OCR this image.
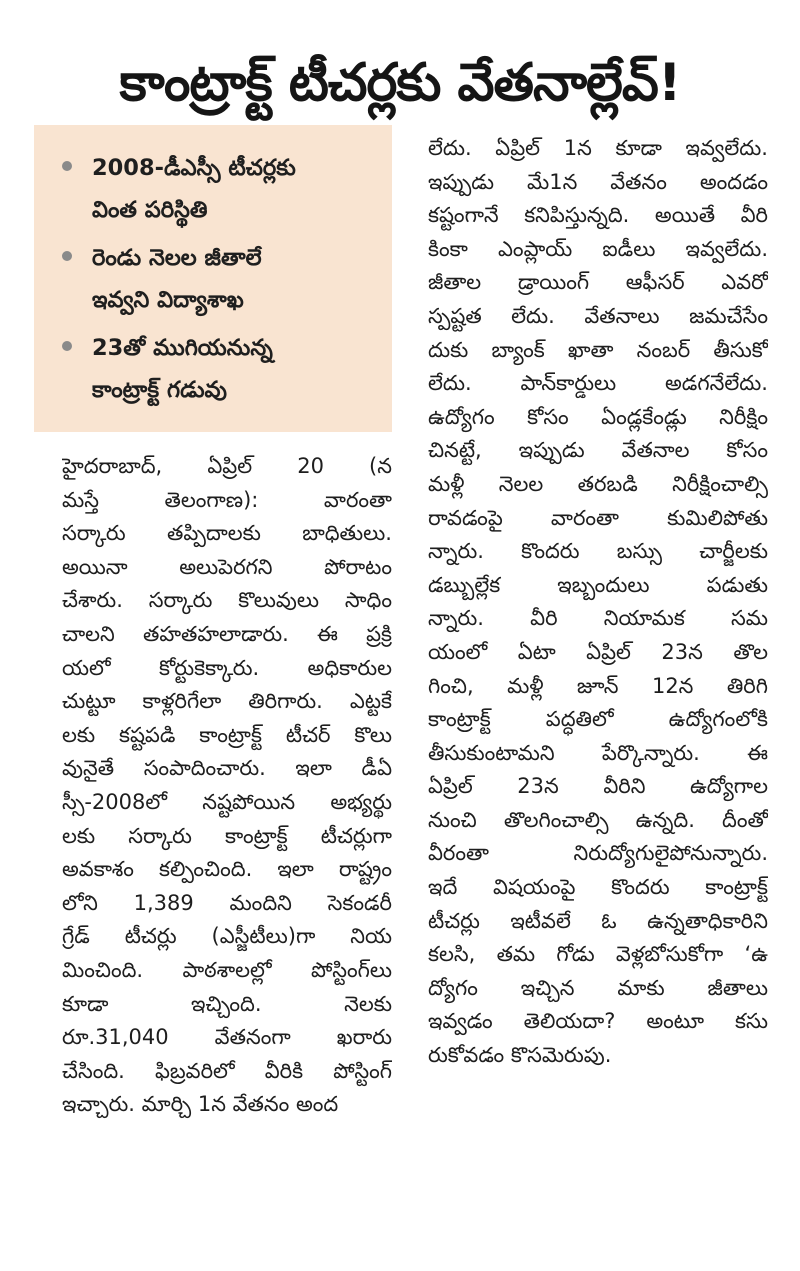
కాంట్రాక్ట్ టీచర్లకు వేతనాల్లేవ్!
2008-డీఎస్సీ టీచర్లకు
వింత పరిస్థితి
రెండు నెలల జీతాలే
ఇవ్వని విద్యాశాఖ
23తో ముగియనున్న
కాంట్రాక్ట్ గడువు
హైదరాబాద్, ఏప్రిల్ 20 (న
మస్తే తెలంగాణ): వారంతా
సర్కారు తప్పిదాలకు బాధితులు.
అయినా అలుపెరగని పోరాటం
చేశారు. సర్కారు కొలువులు సాధిం
చాలని తహతహలాడారు. ఈ ప్రక్రి
యలో కోర్టుకెక్కారు. అధికారుల
చుట్టూ కాళ్లరిగేలా తిరిగారు. ఎట్టకే
లకు కష్టపడి కాంట్రాక్ట్ టీచర్ కొలు
వునైతే సంపాదించారు. ఇలా డీఏ
స్సీ-2008లో నష్టపోయిన అభ్యర్థు
లకు సర్కారు కాంట్రాక్ట్ టీచర్లుగా
అవకాశం కల్పించింది. ఇలా రాష్ట్రం
లోని 1,389 మందిని సెకండరీ
గ్రేడ్ టీచర్లు (ఎస్జీటీలు)గా నియ
మించింది. పాఠశాలల్లో పోస్టింగ్‌లు
కూడా ఇచ్చింది. నెలకు
రూ.31,040 వేతనంగా ఖరారు
చేసింది. ఫిబ్రవరిలో వీరికి పోస్టింగ్
ఇచ్చారు. మార్చి 1న వేతనం అంద
లేదు. ఏప్రిల్ 1న కూడా ఇవ్వలేదు.
ఇప్పుడు మే1న వేతనం అందడం
కష్టంగానే కనిపిస్తున్నది. అయితే వీరి
కింకా ఎంప్లాయ్ ఐడీలు ఇవ్వలేదు.
జీతాల డ్రాయింగ్ ఆఫీసర్ ఎవరో
స్పష్టత లేదు. వేతనాలు జమచేసేం
దుకు బ్యాంక్ ఖాతా నంబర్ తీసుకో
లేదు. పాన్‌కార్డులు అడగనేలేదు.
ఉద్యోగం కోసం ఏండ్లకేండ్లు నిరీక్షిం
చినట్టే, ఇప్పుడు వేతనాల కోసం
మళ్లీ నెలల తరబడి నిరీక్షించాల్సి
రావడంపై వారంతా కుమిలిపోతు
న్నారు. కొందరు బస్సు చార్జీలకు
డబ్బుల్లేక ఇబ్బందులు పడుతు
న్నారు. వీరి నియామక సమ
యంలో ఏటా ఏప్రిల్ 23న తొల
గించి, మళ్లీ జూన్ 12న తిరిగి
కాంట్రాక్ట్ పద్ధతిలో ఉద్యోగంలోకి
తీసుకుంటామని పేర్కొన్నారు. ఈ
ఏప్రిల్ 23న వీరిని ఉద్యోగాల
నుంచి తొలగించాల్సి ఉన్నది. దీంతో
వీరంతా నిరుద్యోగులైపోనున్నారు.
ఇదే విషయంపై కొందరు కాంట్రాక్ట్
టీచర్లు ఇటీవలే ఓ ఉన్నతాధికారిని
కలసి, తమ గోడు వెళ్లబోసుకోగా ‘ఉ
ద్యోగం ఇచ్చిన మాకు జీతాలు
ఇవ్వడం తెలియదా? అంటూ కసు
రుకోవడం కొసమెరుపు.
